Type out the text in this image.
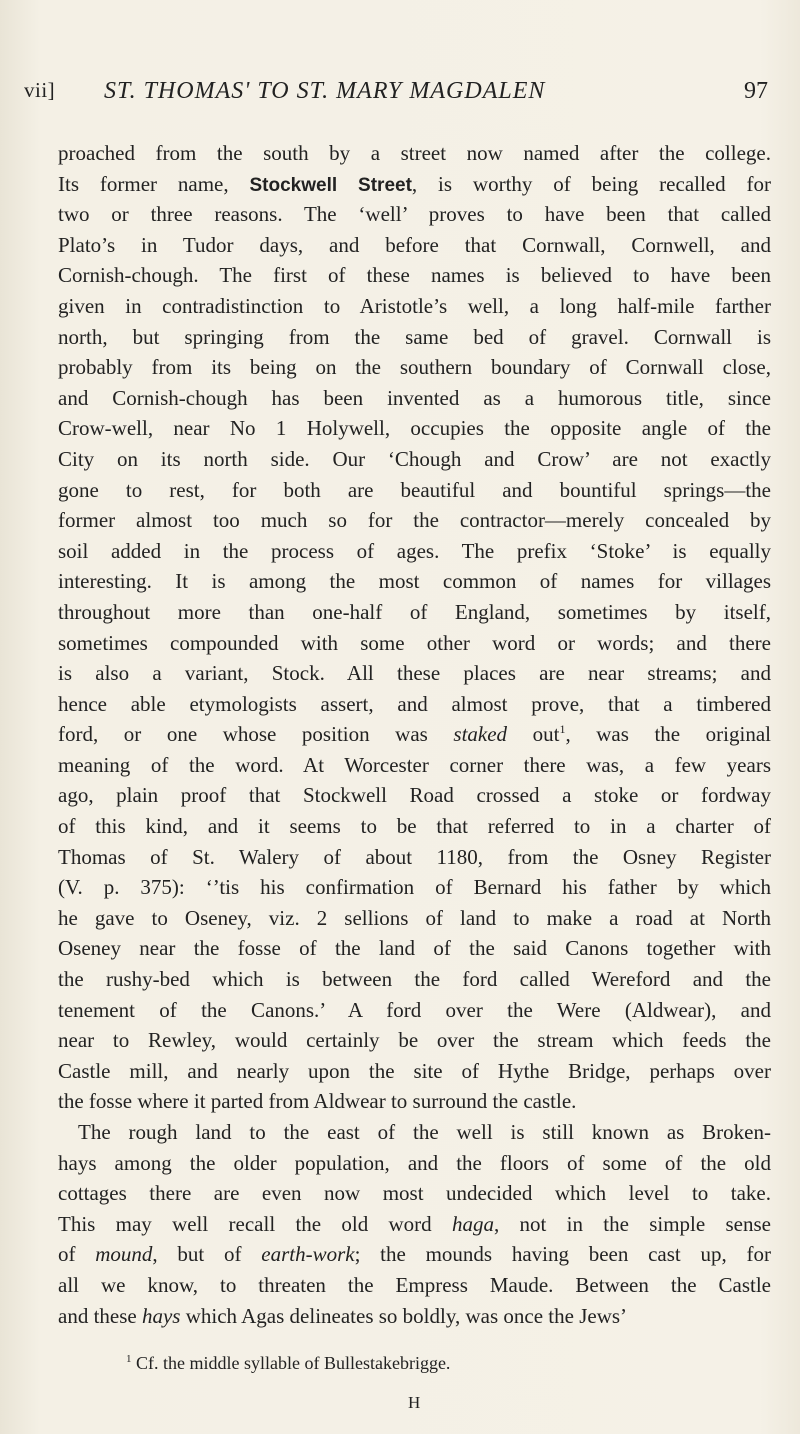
vii] ST. THOMAS' TO ST. MARY MAGDALEN	97
proached from the south by a street now named after the college.
Its former name, Stockwell Street, is worthy of being recalled for
two or three reasons. The ‘well’ proves to have been that called
Plato’s in Tudor days, and before that Cornwall, Cornwell, and
Cornish-chough. The first of these names is believed to have been
given in contradistinction to Aristotle’s well, a long half-mile farther
north, but springing from the same bed of gravel. Cornwall is
probably from its being on the southern boundary of Cornwall close,
and Cornish-chough has been invented as a humorous title, since
Crow-well, near No 1 Holywell, occupies the opposite angle of the
City on its north side. Our ‘Chough and Crow’ are not exactly
gone to rest, for both are beautiful and bountiful springs—the
former almost too much so for the contractor—merely concealed by
soil added in the process of ages. The prefix ‘Stoke’ is equally
interesting. It is among the most common of names for villages
throughout more than one-half of England, sometimes by itself,
sometimes compounded with some other word or words; and there
is also a variant, Stock. All these places are near streams; and
hence able etymologists assert, and almost prove, that a timbered
ford, or one whose position was staked out$^1$, was the original
meaning of the word. At Worcester corner there was, a few years
ago, plain proof that Stockwell Road crossed a stoke or fordway
of this kind, and it seems to be that referred to in a charter of
Thomas of St. Walery of about 1180, from the Osney Register
(V. p. 375): ‘’tis his confirmation of Bernard his father by which
he gave to Oseney, viz. 2 sellions of land to make a road at North
Oseney near the fosse of the land of the said Canons together with
the rushy-bed which is between the ford called Wereford and the
tenement of the Canons.’ A ford over the Were (Aldwear), and
near to Rewley, would certainly be over the stream which feeds the
Castle mill, and nearly upon the site of Hythe Bridge, perhaps over
the fosse where it parted from Aldwear to surround the castle.
The rough land to the east of the well is still known as Broken-
hays among the older population, and the floors of some of the old
cottages there are even now most undecided which level to take.
This may well recall the old word haga, not in the simple sense
of mound, but of earth-work; the mounds having been cast up, for
all we know, to threaten the Empress Maude. Between the Castle
and these hays which Agas delineates so boldly, was once the Jews’
$^1$ Cf. the middle syllable of Bullestakebrigge.
H
